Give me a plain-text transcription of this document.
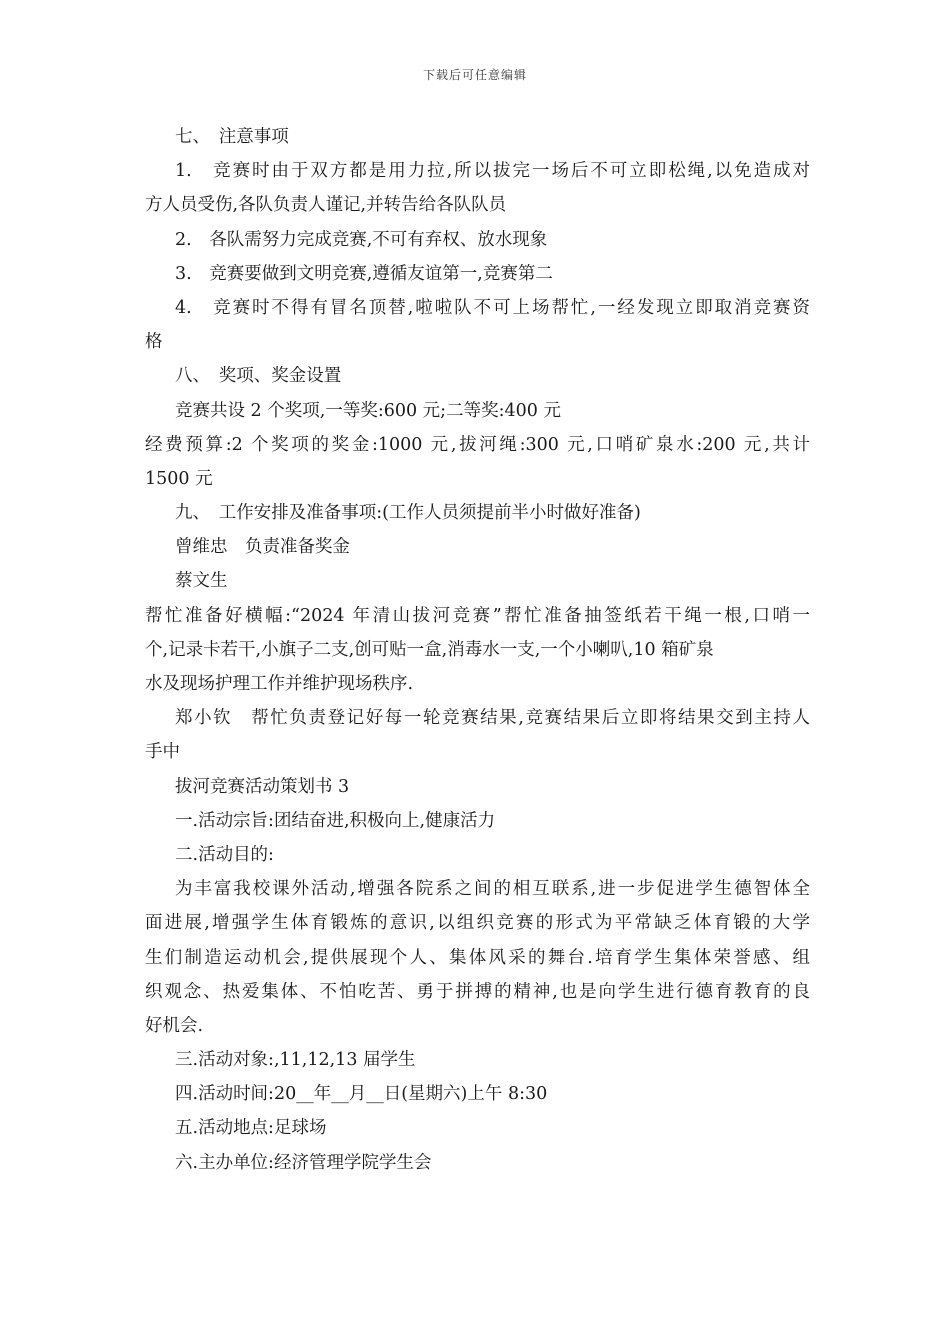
下载后可任意编辑
七、　注意事项
1.　竞赛时由于双方都是用力拉,所以拔完一场后不可立即松绳,以免造成对
方人员受伤,各队负责人谨记,并转告给各队队员
2.　各队需努力完成竞赛,不可有弃权、放水现象
3.　竞赛要做到文明竞赛,遵循友谊第一,竞赛第二
4.　竞赛时不得有冒名顶替,啦啦队不可上场帮忙,一经发现立即取消竞赛资
格
八、　奖项、奖金设置
竞赛共设 2 个奖项,一等奖:600 元;二等奖:400 元
经费预算:2 个奖项的奖金:1000 元,拔河绳:300 元,口哨矿泉水:200 元,共计
1500 元
九、　工作安排及准备事项:(工作人员须提前半小时做好准备)
曾维忠　负责准备奖金
蔡文生
帮忙准备好横幅:“2024 年清山拔河竞赛”帮忙准备抽签纸若干绳一根,口哨一
个,记录卡若干,小旗子二支,创可贴一盒,消毒水一支,一个小喇叭,10 箱矿泉
水及现场护理工作并维护现场秩序.
郑小钦　帮忙负责登记好每一轮竞赛结果,竞赛结果后立即将结果交到主持人
手中
拔河竞赛活动策划书 3
一.活动宗旨:团结奋进,积极向上,健康活力
二.活动目的:
为丰富我校课外活动,增强各院系之间的相互联系,进一步促进学生德智体全
面进展,增强学生体育锻炼的意识,以组织竞赛的形式为平常缺乏体育锻的大学
生们制造运动机会,提供展现个人、集体风采的舞台.培育学生集体荣誉感、组
织观念、热爱集体、不怕吃苦、勇于拼搏的精神,也是向学生进行德育教育的良
好机会.
三.活动对象:,11,12,13 届学生
四.活动时间:20__年__月__日(星期六)上午 8:30
五.活动地点:足球场
六.主办单位:经济管理学院学生会
